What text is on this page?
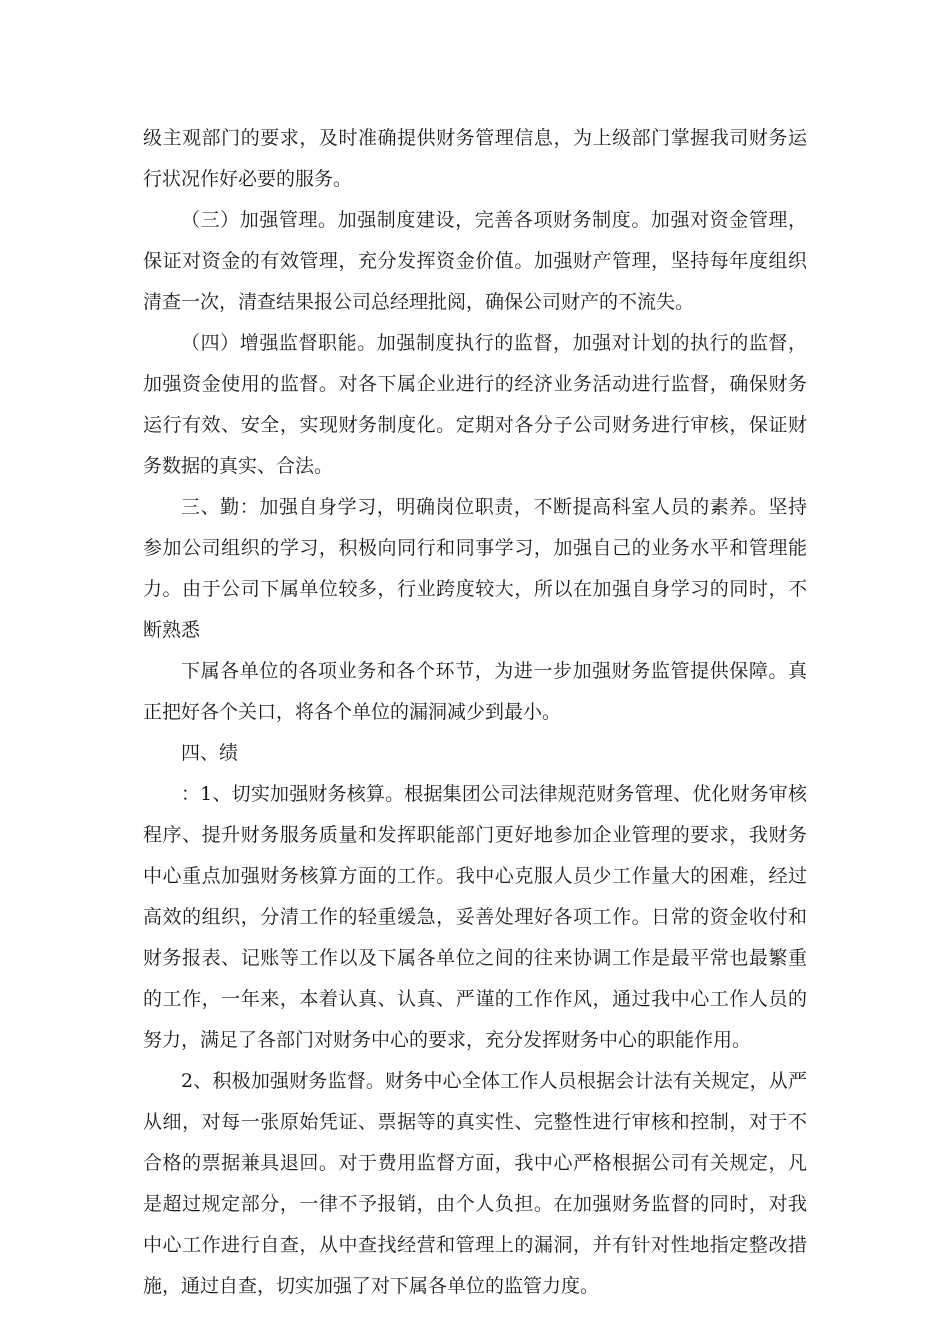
级主观部门的要求，及时准确提供财务管理信息，为上级部门掌握我司财务运行状况作好必要的服务。

（三）加强管理。加强制度建设，完善各项财务制度。加强对资金管理，保证对资金的有效管理，充分发挥资金价值。加强财产管理，坚持每年度组织清查一次，清查结果报公司总经理批阅，确保公司财产的不流失。

（四）增强监督职能。加强制度执行的监督，加强对计划的执行的监督，加强资金使用的监督。对各下属企业进行的经济业务活动进行监督，确保财务运行有效、安全，实现财务制度化。定期对各分子公司财务进行审核，保证财务数据的真实、合法。

三、勤：加强自身学习，明确岗位职责，不断提高科室人员的素养。坚持参加公司组织的学习，积极向同行和同事学习，加强自己的业务水平和管理能力。由于公司下属单位较多，行业跨度较大，所以在加强自身学习的同时，不断熟悉

下属各单位的各项业务和各个环节，为进一步加强财务监管提供保障。真正把好各个关口，将各个单位的漏洞减少到最小。

四、绩

：1、切实加强财务核算。根据集团公司法律规范财务管理、优化财务审核程序、提升财务服务质量和发挥职能部门更好地参加企业管理的要求，我财务中心重点加强财务核算方面的工作。我中心克服人员少工作量大的困难，经过高效的组织，分清工作的轻重缓急，妥善处理好各项工作。日常的资金收付和财务报表、记账等工作以及下属各单位之间的往来协调工作是最平常也最繁重的工作，一年来，本着认真、认真、严谨的工作作风，通过我中心工作人员的努力，满足了各部门对财务中心的要求，充分发挥财务中心的职能作用。

2、积极加强财务监督。财务中心全体工作人员根据会计法有关规定，从严从细，对每一张原始凭证、票据等的真实性、完整性进行审核和控制，对于不合格的票据兼具退回。对于费用监督方面，我中心严格根据公司有关规定，凡是超过规定部分，一律不予报销，由个人负担。在加强财务监督的同时，对我中心工作进行自查，从中查找经营和管理上的漏洞，并有针对性地指定整改措施，通过自查，切实加强了对下属各单位的监管力度。
